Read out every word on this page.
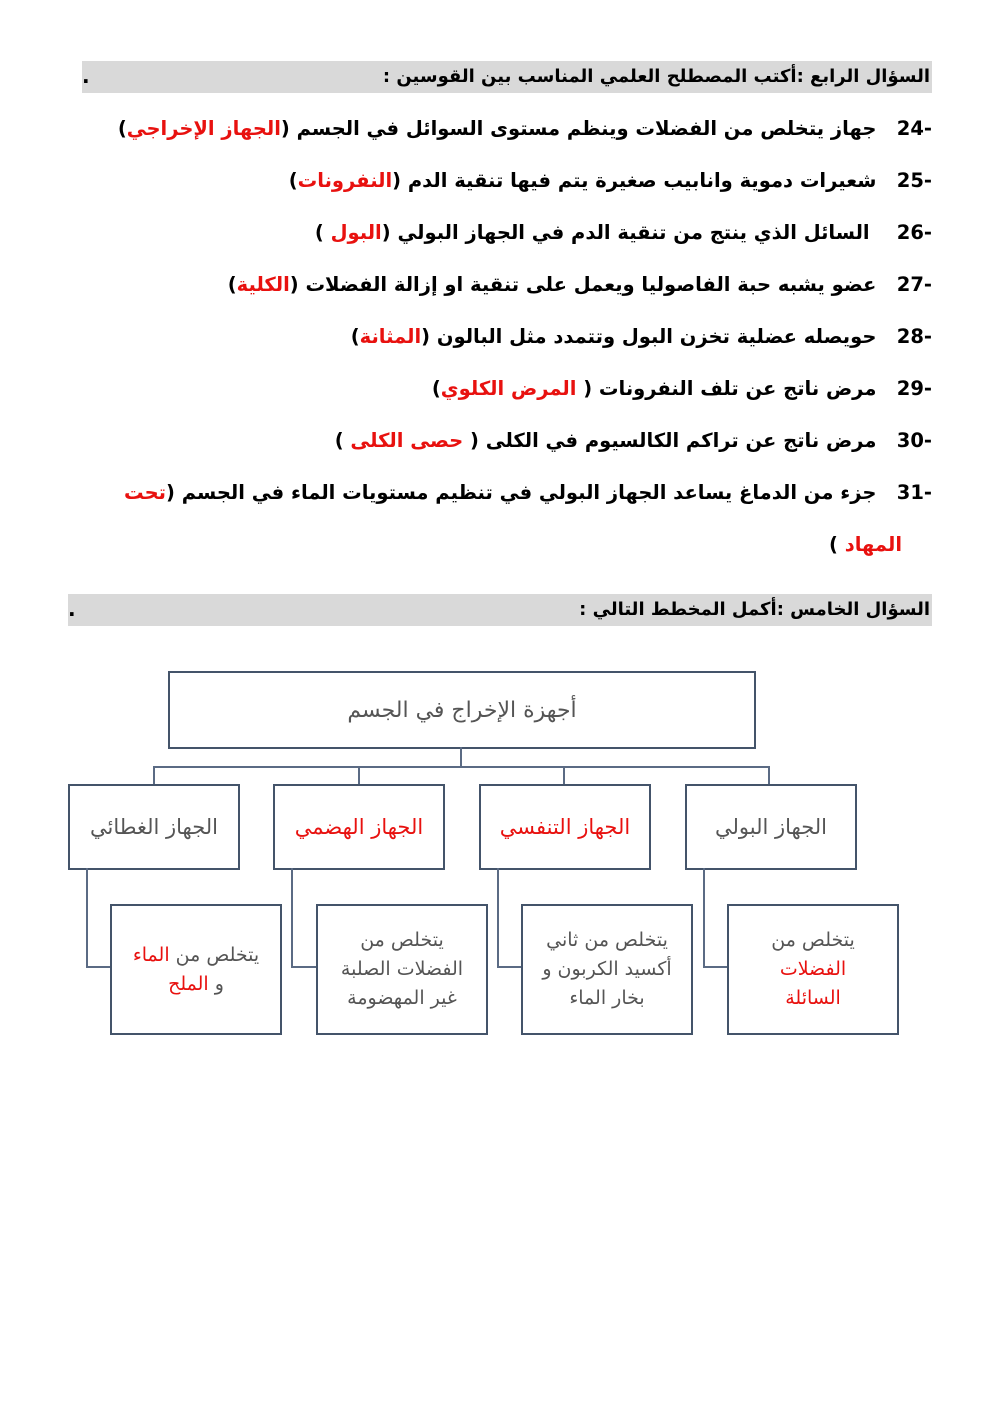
السؤال الرابع :أكتب المصطلح العلمي المناسب بين القوسين :
.
-24   جهاز يتخلص من الفضلات وينظم مستوى السوائل في الجسم (الجهاز الإخراجي)
-25   شعيرات دموية وانابيب صغيرة يتم فيها تنقية الدم (النفرونات)
-26    السائل الذي ينتج من تنقية الدم في الجهاز البولي (البول )
-27   عضو يشبه حبة الفاصوليا ويعمل على تنقية او إزالة الفضلات (الكلية)
-28   حويصله عضلية تخزن البول وتتمدد مثل البالون (المثانة)
-29   مرض ناتج عن تلف النفرونات ( المرض الكلوي)
-30   مرض ناتج عن تراكم الكالسيوم في الكلى ( حصى الكلى )
-31   جزء من الدماغ يساعد الجهاز البولي في تنظيم مستويات الماء في الجسم (تحت
المهاد )
السؤال الخامس :أكمل المخطط التالي :
.
أجهزة الإخراج في الجسم
الجهاز الغطائي	الجهاز الهضمي	الجهاز التنفسي	الجهاز البولي
يتخلص من الماء
و الملح
يتخلص من
الفضلات الصلبة
غير المهضومة
يتخلص من ثاني
أكسيد الكربون و
بخار الماء
يتخلص من
الفضلات
السائلة
